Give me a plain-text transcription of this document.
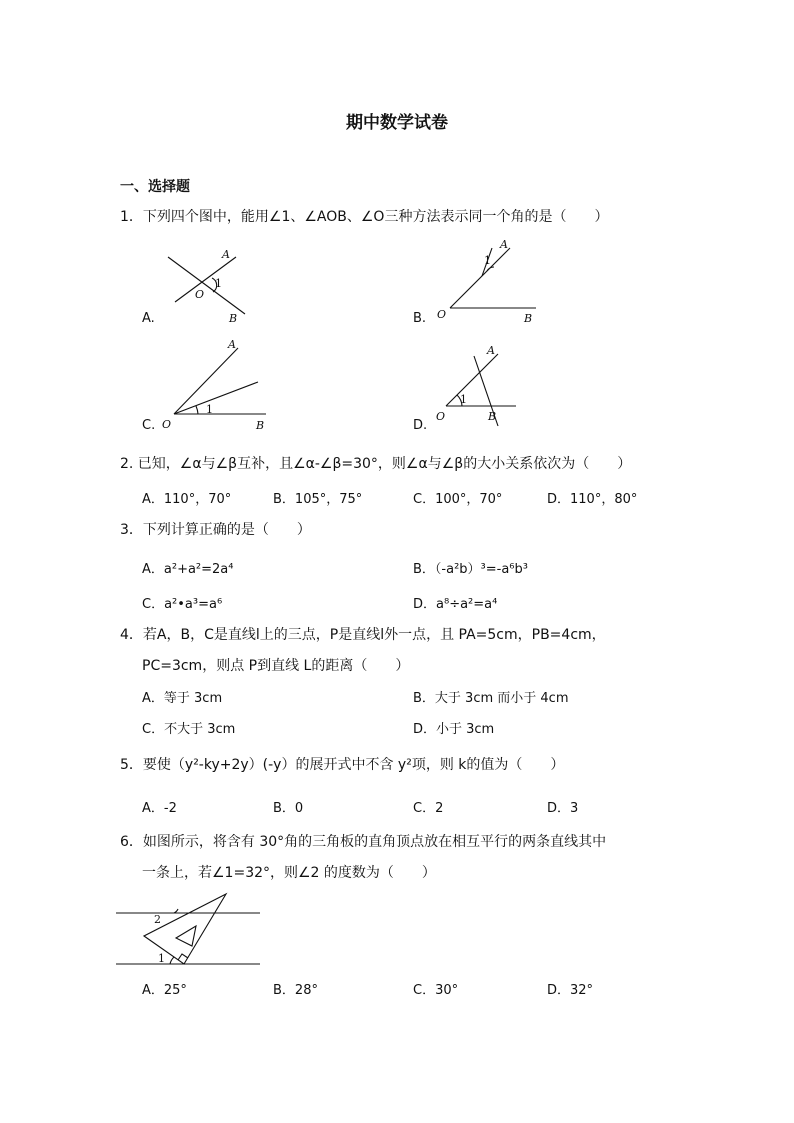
期中数学试卷
一、选择题
1．下列四个图中，能用∠1、∠AOB、∠O三种方法表示同一个角的是（　　）
A.
A
O
1
B	B.
A
1
O	B
C.
A
1
O	B	D.
A
1
O	B
2. 已知，∠α与∠β互补，且∠α-∠β=30°，则∠α与∠β的大小关系依次为（　　）
A．110°，70°	B．105°，75°	C．100°，70°	D．110°，80°
3．下列计算正确的是（　　）
A．a²+a²=2a⁴	B．（-a²b）³=-a⁶b³
C．a²•a³=a⁶	D．a⁸÷a²=a⁴
4．若A，B，C是直线l上的三点，P是直线l外一点，且 PA=5cm，PB=4cm，
PC=3cm，则点 P到直线 L的距离（　　）
A．等于 3cm	B．大于 3cm 而小于 4cm
C．不大于 3cm	D．小于 3cm
5．要使（y²-ky+2y）(-y）的展开式中不含 y²项，则 k的值为（　　）
A．-2	B．0	C．2	D．3
6．如图所示，将含有 30°角的三角板的直角顶点放在相互平行的两条直线其中
一条上，若∠1=32°，则∠2 的度数为（　　）
2
1
A．25°	B．28°	C．30°	D．32°
